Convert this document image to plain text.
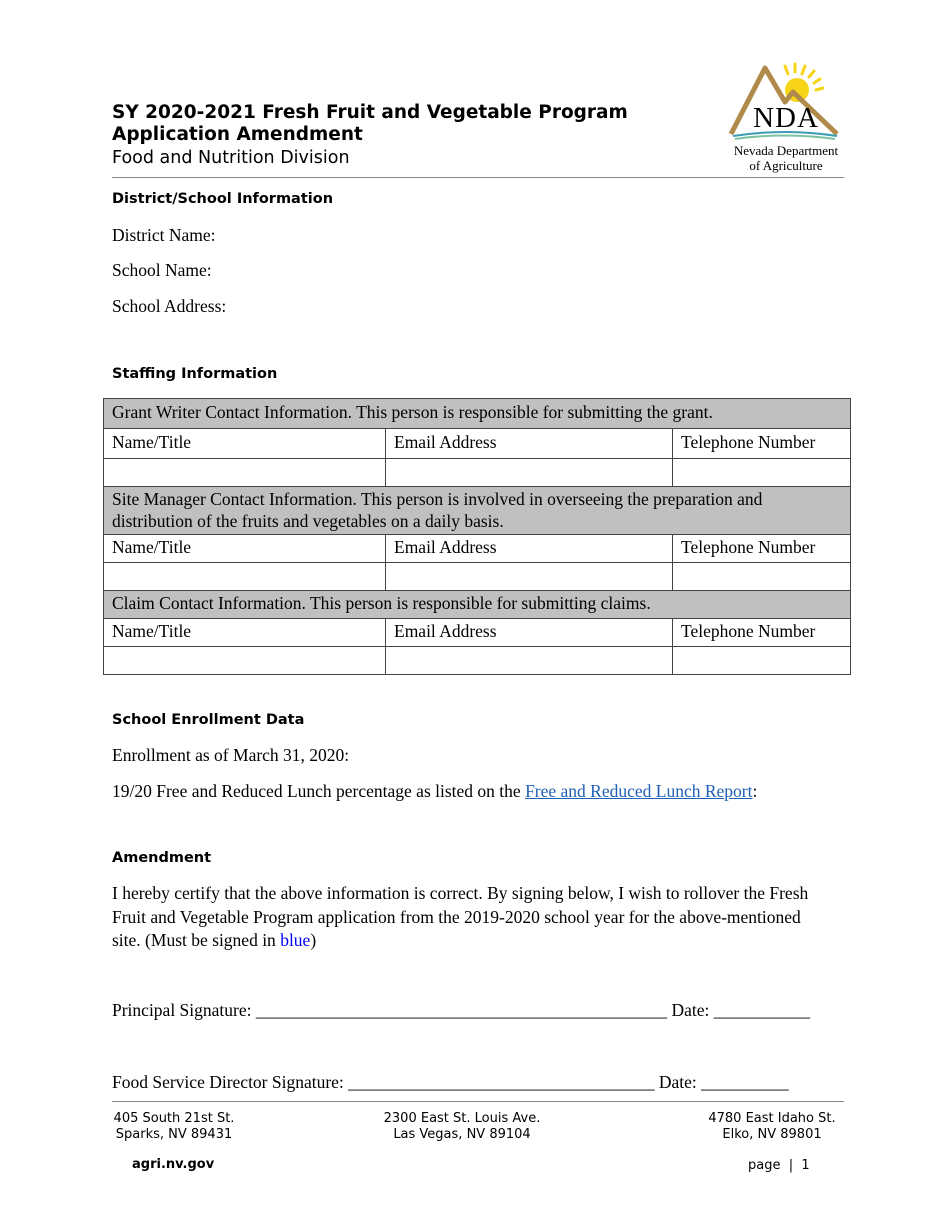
SY 2020-2021 Fresh Fruit and Vegetable Program
Application Amendment
Food and Nutrition Division
NDA
Nevada Department
of Agriculture
District/School Information
District Name:
School Name:
School Address:
Staffing Information
Grant Writer Contact Information. This person is responsible for submitting the grant.		
Name/Title	Email Address	Telephone Number

Site Manager Contact Information. This person is involved in overseeing the preparation and distribution of the fruits and vegetables on a daily basis.		
Name/Title	Email Address	Telephone Number

Claim Contact Information. This person is responsible for submitting claims.		
Name/Title	Email Address	Telephone Number

School Enrollment Data
Enrollment as of March 31, 2020:
19/20 Free and Reduced Lunch percentage as listed on the Free and Reduced Lunch Report:
Amendment
I hereby certify that the above information is correct. By signing below, I wish to rollover the Fresh Fruit and Vegetable Program application from the 2019-2020 school year for the above-mentioned site. (Must be signed in blue)
Principal Signature: _______________________________________________ Date: ___________
Food Service Director Signature: ___________________________________ Date: __________
405 South 21st St.
Sparks, NV 89431
2300 East St. Louis Ave.
Las Vegas, NV 89104
4780 East Idaho St.
Elko, NV 89801
agri.nv.gov	page  |  1
